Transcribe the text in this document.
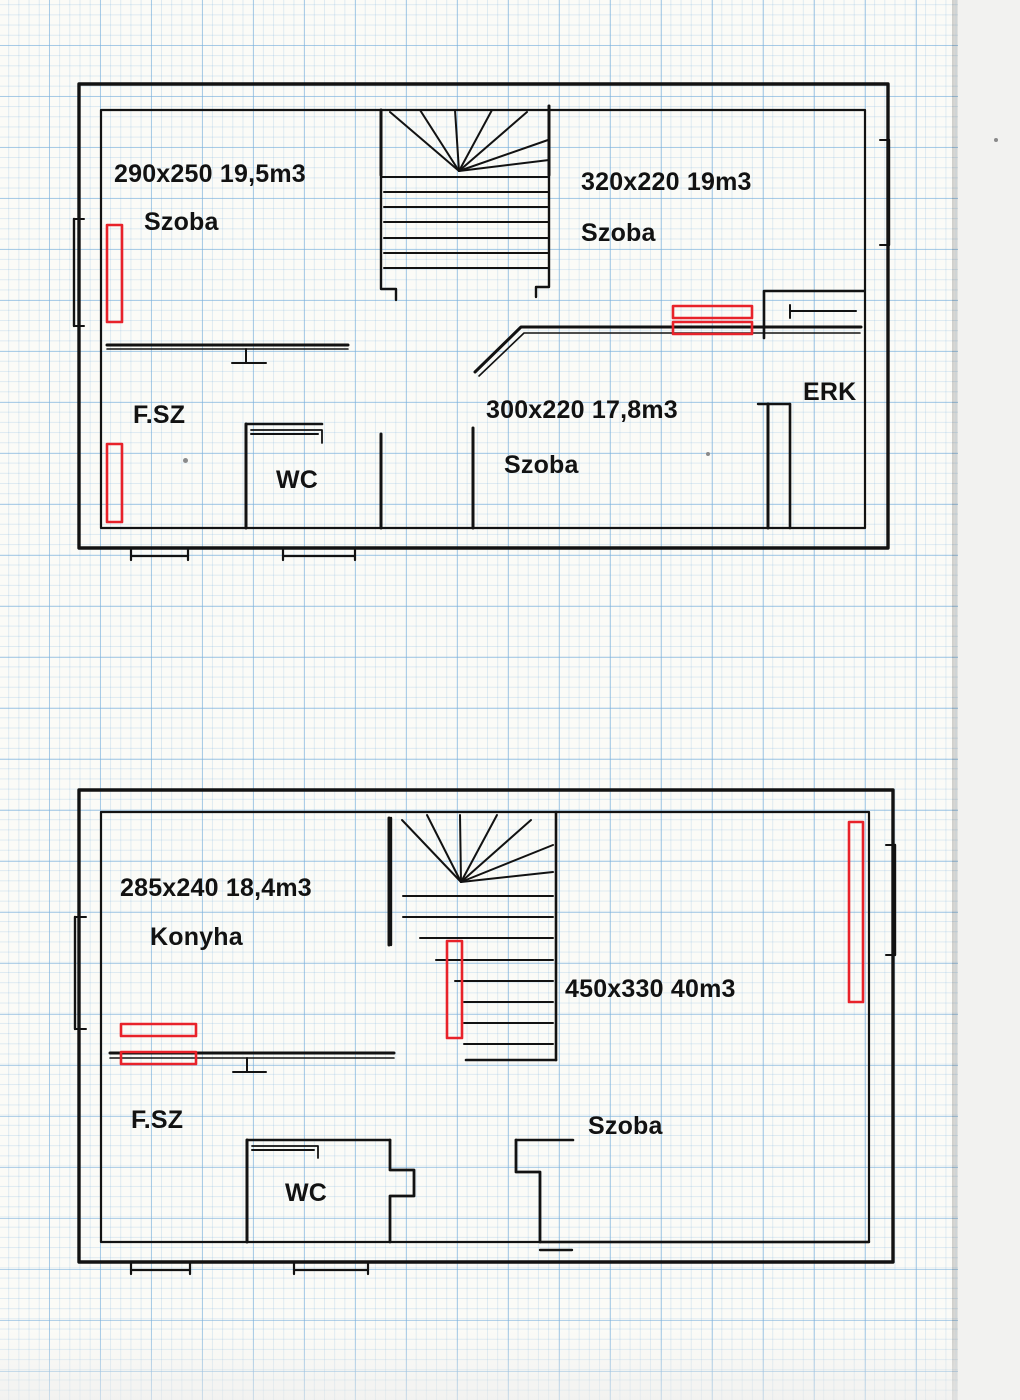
290x250 19,5m3
Szoba
320x220 19m3
Szoba
300x220 17,8m3
Szoba
F.SZ
WC
ERK
285x240 18,4m3
Konyha
450x330 40m3
Szoba
F.SZ
WC
